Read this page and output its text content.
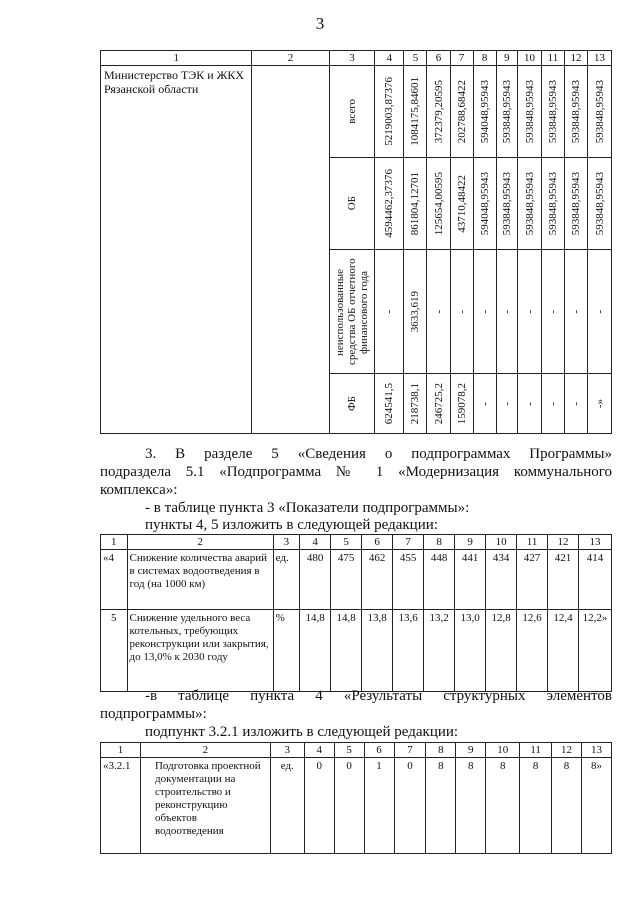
3
1	2	3	4	5	6	7	8	9	10	11	12	13
Министерство ТЭК и ЖКХ Рязанской области		всего	5219003,87376	1084175,84601	372379,20595	202788,68422	594048,95943	593848,95943	593848,95943	593848,95943	593848,95943	593848,95943

		ОБ	4594462,37376	861804,12701	125654,00595	43710,48422	594048,95943	593848,95943	593848,95943	593848,95943	593848,95943	593848,95943

		неиспользованные средства ОБ отчетного финансового года	-	3633,619	-	-	-	-	-	-	-	-

		ФБ	624541,5	218738,1	246725,2	159078,2	-	-	-	-	-	-»

3. В разделе 5 «Сведения о подпрограммах Программы»

подраздела 5.1 «Подпрограмма № 1 «Модернизация коммунального

комплекса»:

- в таблице пункта 3 «Показатели подпрограммы»:

пункты 4, 5 изложить в следующей редакции:

1	2	3	4	5	6	7	8	9	10	11	12	13
«4	Снижение количества аварий в системах водоотведения в год (на 1000 км)	ед.	480	475	462	455	448	441	434	427	421	414
5	Снижение удельного веса котельных, требующих реконструкции или закрытия, до 13,0% к 2030 году	%	14,8	14,8	13,8	13,6	13,2	13,0	12,8	12,6	12,4	12,2»

-в таблице пункта 4 «Результаты структурных элементов

подпрограммы»:

подпункт 3.2.1 изложить в следующей редакции:

1	2	3	4	5	6	7	8	9	10	11	12	13
«3.2.1	Подготовка проектной документации на строительство и реконструкцию объектов водоотведения	ед.	0	0	1	0	8	8	8	8	8	8»
